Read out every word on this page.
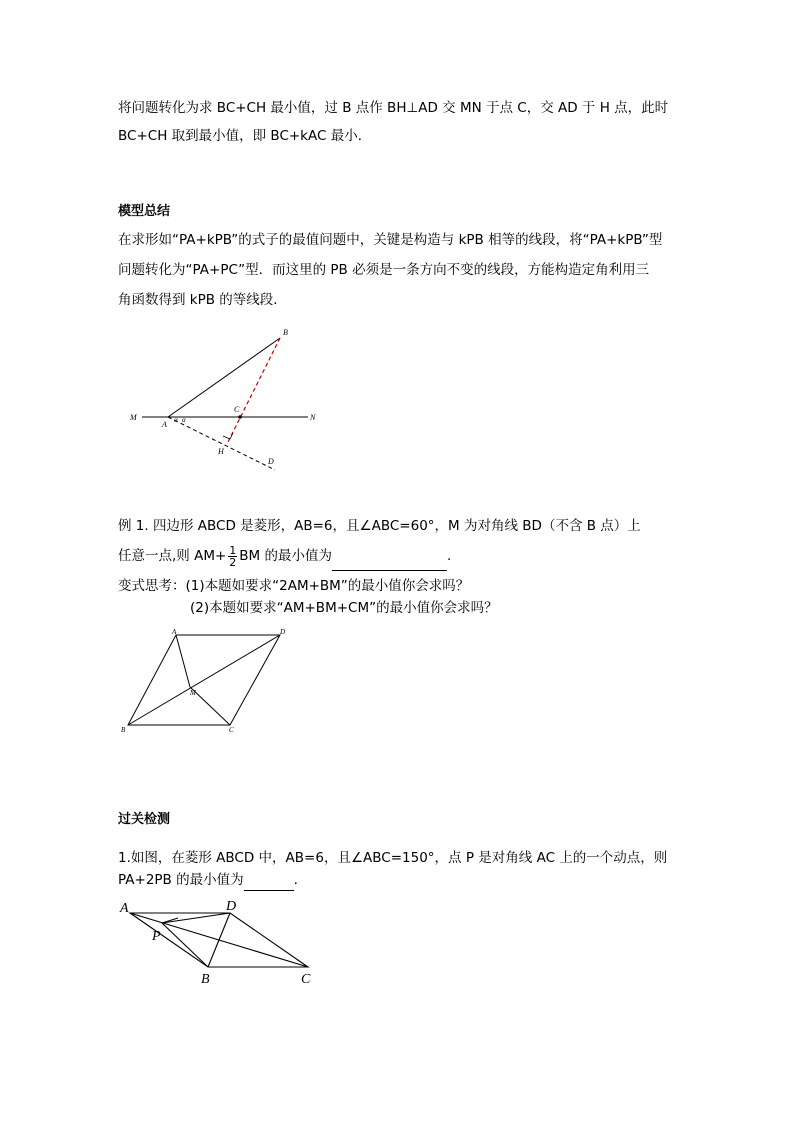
将问题转化为求 BC+CH 最小值，过 B 点作 BH⊥AD 交 MN 于点 C，交 AD 于 H 点，此时
BC+CH 取到最小值，即 BC+kAC 最小．
模型总结
在求形如“PA+kPB”的式子的最值问题中，关键是构造与 kPB 相等的线段，将“PA+kPB”型
问题转化为“PA+PC”型．而这里的 PB 必须是一条方向不变的线段，方能构造定角利用三
角函数得到 kPB 的等线段．
B
M	N
A α α
C
H
D
例 1. 四边形 ABCD 是菱形，AB=6，且∠ABC=60°，M 为对角线 BD（不含 B 点）上
任意一点,则 $AM+ \frac{1}{2}$ BM 的最小值为	.
变式思考：(1)本题如要求“2AM+BM”的最小值你会求吗？
(2)本题如要求“AM+BM+CM”的最小值你会求吗？
A	D
M
B	C
过关检测
1.如图，在菱形 ABCD 中，AB=6，且∠ABC=150°，点 P 是对角线 AC 上的一个动点，则
PA+2PB 的最小值为	.
A	D
P
B	C
